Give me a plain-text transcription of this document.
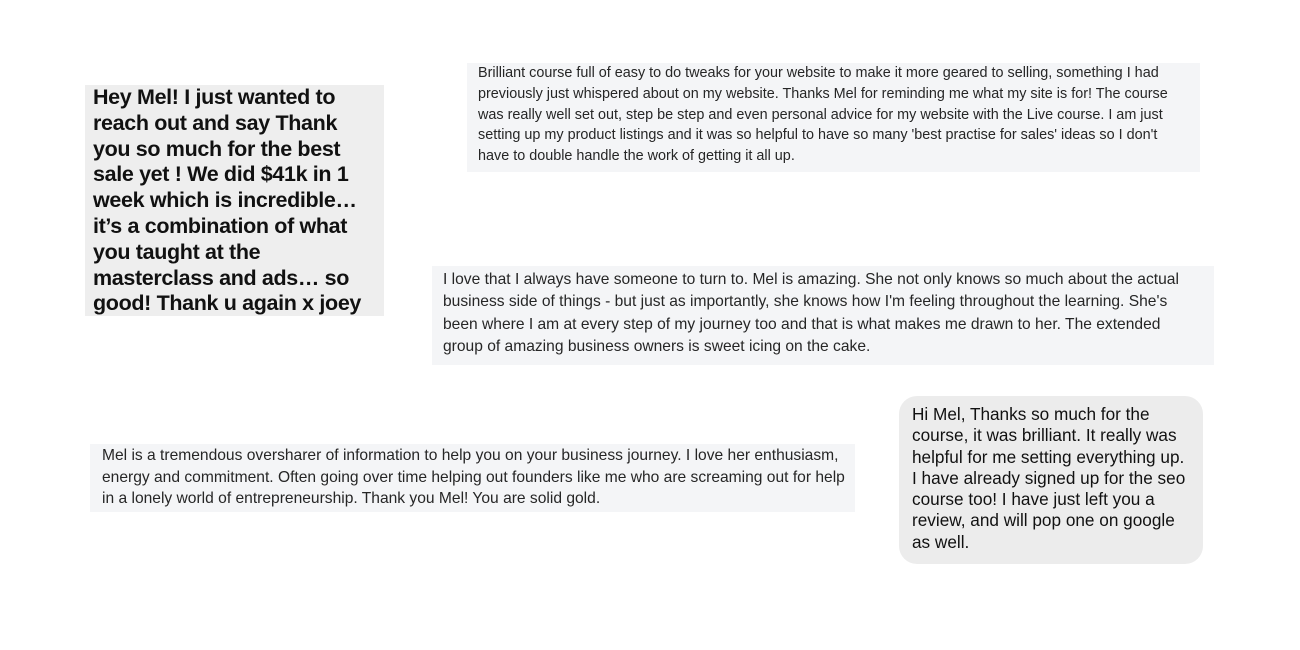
Hey Mel! I just wanted to reach out and say Thank you so much for the best sale yet ! We did $41k in 1 week which is incredible… it’s a combination of what you taught at the masterclass and ads… so good! Thank u again x joey

Brilliant course full of easy to do tweaks for your website to make it more geared to selling, something I had previously just whispered about on my website. Thanks Mel for reminding me what my site is for! The course was really well set out, step be step and even personal advice for my website with the Live course. I am just setting up my product listings and it was so helpful to have so many 'best practise for sales' ideas so I don't have to double handle the work of getting it all up.

I love that I always have someone to turn to. Mel is amazing. She not only knows so much about the actual business side of things - but just as importantly, she knows how I'm feeling throughout the learning. She's been where I am at every step of my journey too and that is what makes me drawn to her. The extended group of amazing business owners is sweet icing on the cake.

Mel is a tremendous oversharer of information to help you on your business journey. I love her enthusiasm, energy and commitment. Often going over time helping out founders like me who are screaming out for help in a lonely world of entrepreneurship. Thank you Mel! You are solid gold.

Hi Mel, Thanks so much for the course, it was brilliant. It really was helpful for me setting everything up. I have already signed up for the seo course too! I have just left you a review, and will pop one on google as well.
